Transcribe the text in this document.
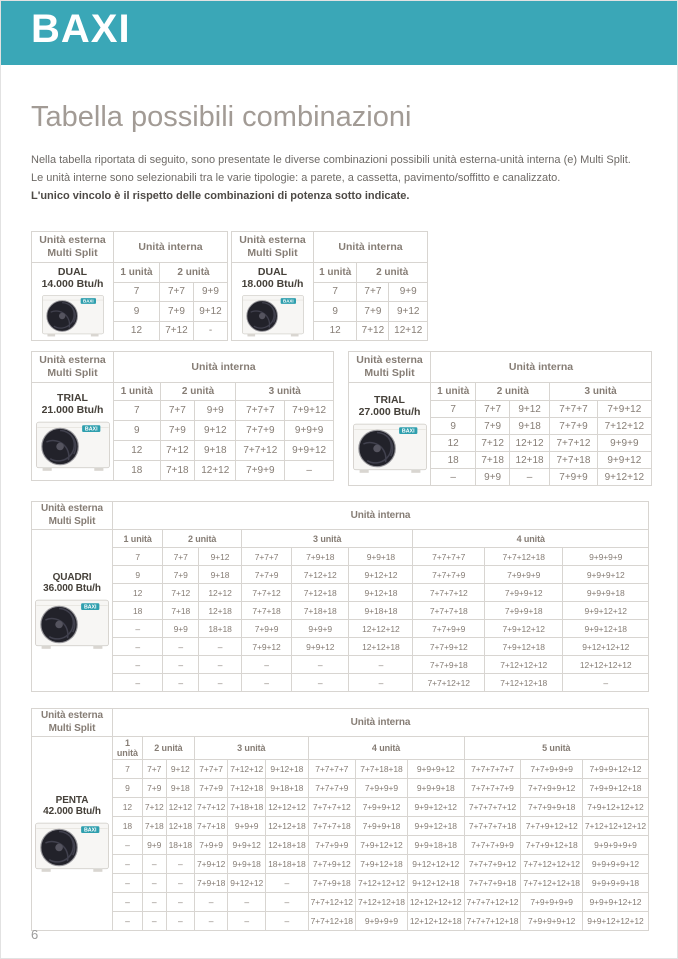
BAXI
Tabella possibili combinazioni
Nella tabella riportata di seguito, sono presentate le diverse combinazioni possibili unità esterna-unità interna (e) Multi Split.
Le unità interne sono selezionabili tra le varie tipologie: a parete, a cassetta, pavimento/soffitto e canalizzato.
L'unico vincolo è il rispetto delle combinazioni di potenza sotto indicate.
Unità esterna
Multi Split	Unità interna		

DUAL
14.000 Btu/h
BAXI	1 unità	2 unità	
	7	7+7	9+9
	9	7+9	9+12
	12	7+12	-
Unità esterna
Multi Split	Unità interna		

DUAL
18.000 Btu/h
BAXI	1 unità	2 unità	
	7	7+7	9+9
	9	7+9	9+12
	12	7+12	12+12
Unità esterna
Multi Split	Unità interna				

TRIAL
21.000 Btu/h
BAXI	1 unità	2 unità		3 unità	
	7	7+7	9+9	7+7+7	7+9+12
	9	7+9	9+12	7+7+9	9+9+9
	12	7+12	9+18	7+7+12	9+9+12
	18	7+18	12+12	7+9+9	–
Unità esterna
Multi Split	Unità interna				

TRIAL
27.000 Btu/h
BAXI	1 unità	2 unità		3 unità	
	7	7+7	9+12	7+7+7	7+9+12
	9	7+9	9+18	7+7+9	7+12+12
	12	7+12	12+12	7+7+12	9+9+9
	18	7+18	12+18	7+7+18	9+9+12
	–	9+9	–	7+9+9	9+12+12
Unità esterna
Multi Split	Unità interna								

QUADRI
36.000 Btu/h
BAXI	1 unità	2 unità		3 unità			4 unità		
	7	7+7	9+12	7+7+7	7+9+18	9+9+18	7+7+7+7	7+7+12+18	9+9+9+9
	9	7+9	9+18	7+7+9	7+12+12	9+12+12	7+7+7+9	7+9+9+9	9+9+9+12
	12	7+12	12+12	7+7+12	7+12+18	9+12+18	7+7+7+12	7+9+9+12	9+9+9+18
	18	7+18	12+18	7+7+18	7+18+18	9+18+18	7+7+7+18	7+9+9+18	9+9+12+12
	–	9+9	18+18	7+9+9	9+9+9	12+12+12	7+7+9+9	7+9+12+12	9+9+12+18
	–	–	–	7+9+12	9+9+12	12+12+18	7+7+9+12	7+9+12+18	9+12+12+12
	–	–	–	–	–	–	7+7+9+18	7+12+12+12	12+12+12+12
	–	–	–	–	–	–	7+7+12+12	7+12+12+18	–
Unità esterna
Multi Split	Unità interna											

PENTA
42.000 Btu/h
BAXI	1 unità	2 unità		3 unità			4 unità			5 unità		
	7	7+7	9+12	7+7+7	7+12+12	9+12+18	7+7+7+7	7+7+18+18	9+9+9+12	7+7+7+7+7	7+7+9+9+9	7+9+9+12+12
	9	7+9	9+18	7+7+9	7+12+18	9+18+18	7+7+7+9	7+9+9+9	9+9+9+18	7+7+7+7+9	7+7+9+9+12	7+9+9+12+18
	12	7+12	12+12	7+7+12	7+18+18	12+12+12	7+7+7+12	7+9+9+12	9+9+12+12	7+7+7+7+12	7+7+9+9+18	7+9+12+12+12
	18	7+18	12+18	7+7+18	9+9+9	12+12+18	7+7+7+18	7+9+9+18	9+9+12+18	7+7+7+7+18	7+7+9+12+12	7+12+12+12+12
	–	9+9	18+18	7+9+9	9+9+12	12+18+18	7+7+9+9	7+9+12+12	9+9+18+18	7+7+7+9+9	7+7+9+12+18	9+9+9+9+9
	–	–	–	7+9+12	9+9+18	18+18+18	7+7+9+12	7+9+12+18	9+12+12+12	7+7+7+9+12	7+7+12+12+12	9+9+9+9+12
	–	–	–	7+9+18	9+12+12	–	7+7+9+18	7+12+12+12	9+12+12+18	7+7+7+9+18	7+7+12+12+18	9+9+9+9+18
	–	–	–	–	–	–	7+7+12+12	7+12+12+18	12+12+12+12	7+7+7+12+12	7+9+9+9+9	9+9+9+12+12
	–	–	–	–	–	–	7+7+12+18	9+9+9+9	12+12+12+18	7+7+7+12+18	7+9+9+9+12	9+9+12+12+12
6
